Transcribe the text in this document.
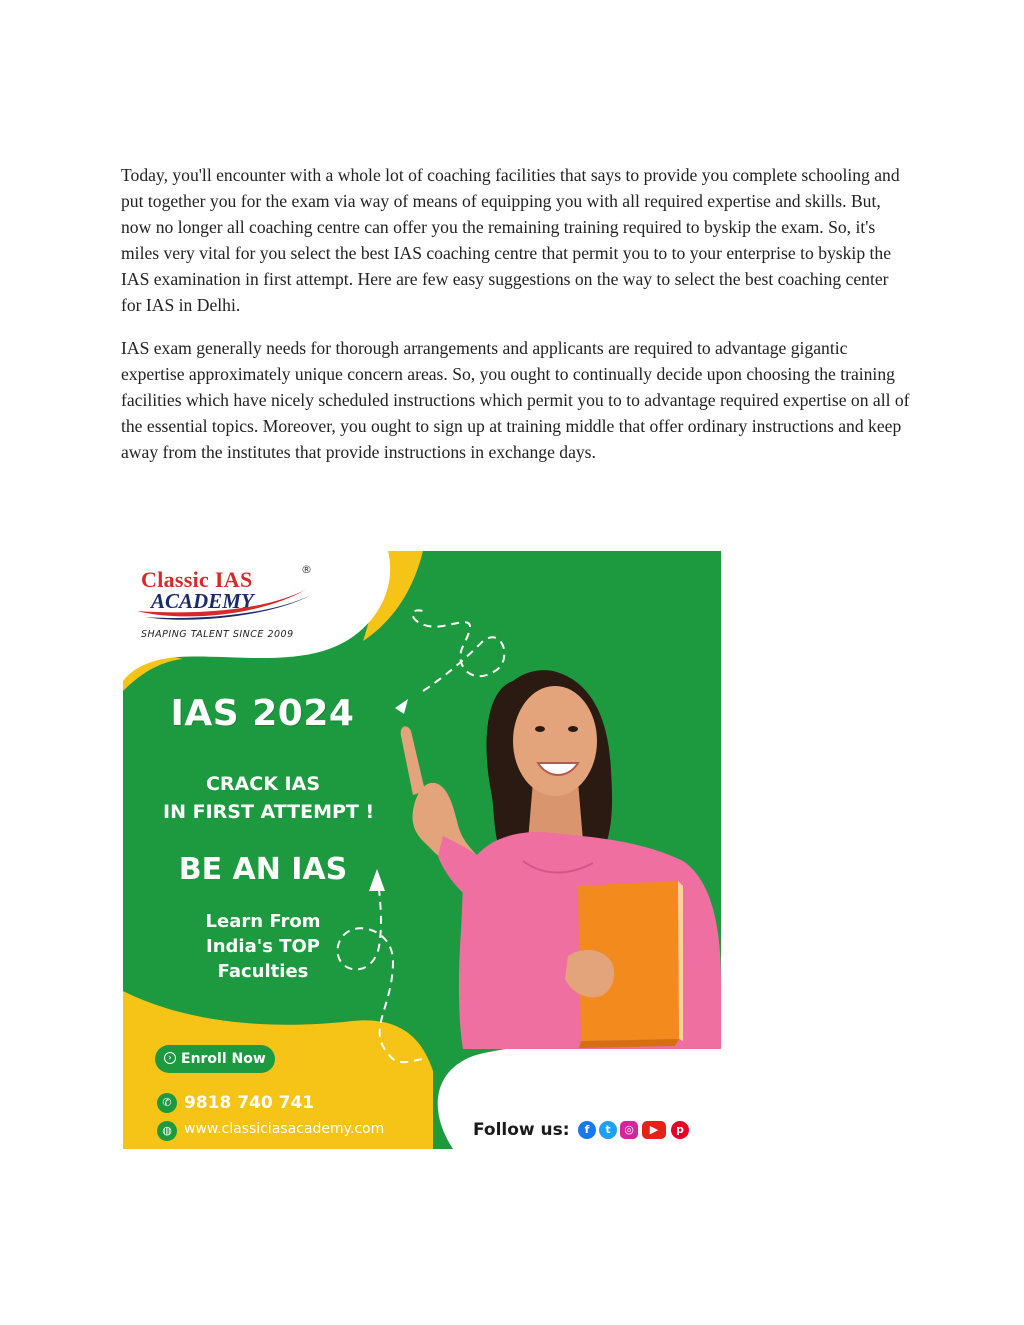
Today, you'll encounter with a whole lot of coaching facilities that says to provide you complete schooling and put together you for the exam via way of means of equipping you with all required expertise and skills. But, now no longer all coaching centre can offer you the remaining training required to byskip the exam. So, it's miles very vital for you select the best IAS coaching centre that permit you to to your enterprise to byskip the IAS examination in first attempt. Here are few easy suggestions on the way to select the best coaching center for IAS in Delhi.

IAS exam generally needs for thorough arrangements and applicants are required to advantage gigantic expertise approximately unique concern areas. So, you ought to continually decide upon choosing the training facilities which have nicely scheduled instructions which permit you to to advantage required expertise on all of the essential topics. Moreover, you ought to sign up at training middle that offer ordinary instructions and keep away from the institutes that provide instructions in exchange days.

Classic IAS
ACADEMY
®
SHAPING TALENT SINCE 2009
IAS 2024
CRACK IAS
IN FIRST ATTEMPT !
BE AN IAS
Learn From
India's TOP
Faculties
› Enroll Now
✆ 9818 740 741
◍ www.classiciasacademy.com	Follow us:	f	t	◎	▶	p
